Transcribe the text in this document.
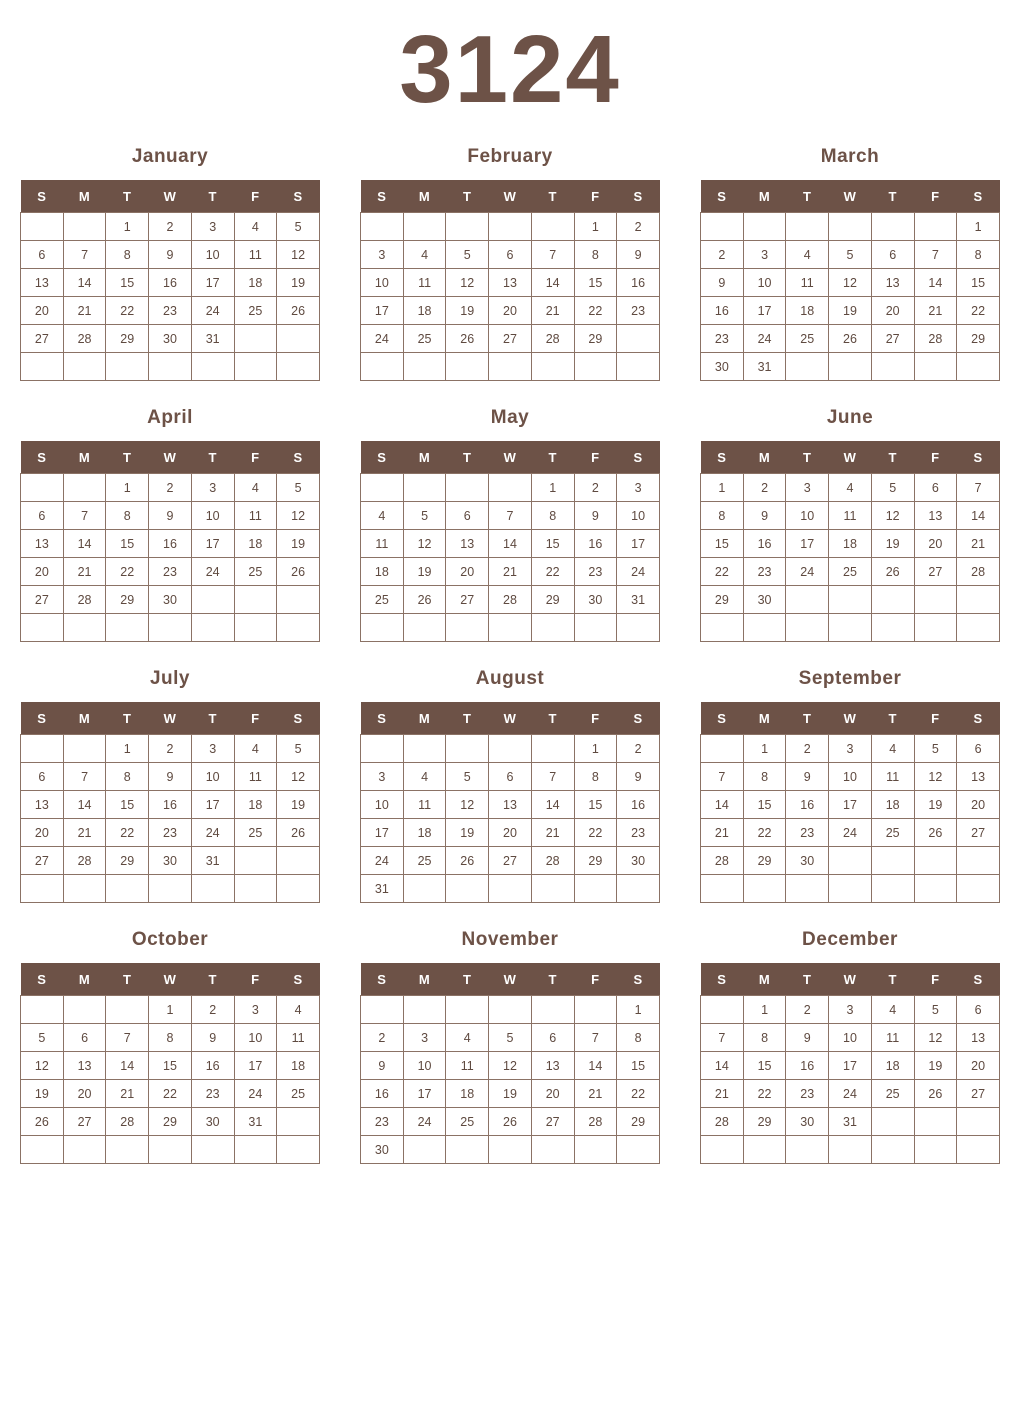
3124
January
S	M	T	W	T	F	S
		1	2	3	4	5
6	7	8	9	10	11	12
13	14	15	16	17	18	19
20	21	22	23	24	25	26
27	28	29	30	31		

February
S	M	T	W	T	F	S
					1	2
3	4	5	6	7	8	9
10	11	12	13	14	15	16
17	18	19	20	21	22	23
24	25	26	27	28	29	

March
S	M	T	W	T	F	S
						1
2	3	4	5	6	7	8
9	10	11	12	13	14	15
16	17	18	19	20	21	22
23	24	25	26	27	28	29
30	31					
April
S	M	T	W	T	F	S
		1	2	3	4	5
6	7	8	9	10	11	12
13	14	15	16	17	18	19
20	21	22	23	24	25	26
27	28	29	30			

May
S	M	T	W	T	F	S
				1	2	3
4	5	6	7	8	9	10
11	12	13	14	15	16	17
18	19	20	21	22	23	24
25	26	27	28	29	30	31

June
S	M	T	W	T	F	S
1	2	3	4	5	6	7
8	9	10	11	12	13	14
15	16	17	18	19	20	21
22	23	24	25	26	27	28
29	30					

July
S	M	T	W	T	F	S
		1	2	3	4	5
6	7	8	9	10	11	12
13	14	15	16	17	18	19
20	21	22	23	24	25	26
27	28	29	30	31		

August
S	M	T	W	T	F	S
					1	2
3	4	5	6	7	8	9
10	11	12	13	14	15	16
17	18	19	20	21	22	23
24	25	26	27	28	29	30
31						
September
S	M	T	W	T	F	S
	1	2	3	4	5	6
7	8	9	10	11	12	13
14	15	16	17	18	19	20
21	22	23	24	25	26	27
28	29	30				

October
S	M	T	W	T	F	S
			1	2	3	4
5	6	7	8	9	10	11
12	13	14	15	16	17	18
19	20	21	22	23	24	25
26	27	28	29	30	31	

November
S	M	T	W	T	F	S
						1
2	3	4	5	6	7	8
9	10	11	12	13	14	15
16	17	18	19	20	21	22
23	24	25	26	27	28	29
30						
December
S	M	T	W	T	F	S
	1	2	3	4	5	6
7	8	9	10	11	12	13
14	15	16	17	18	19	20
21	22	23	24	25	26	27
28	29	30	31			
